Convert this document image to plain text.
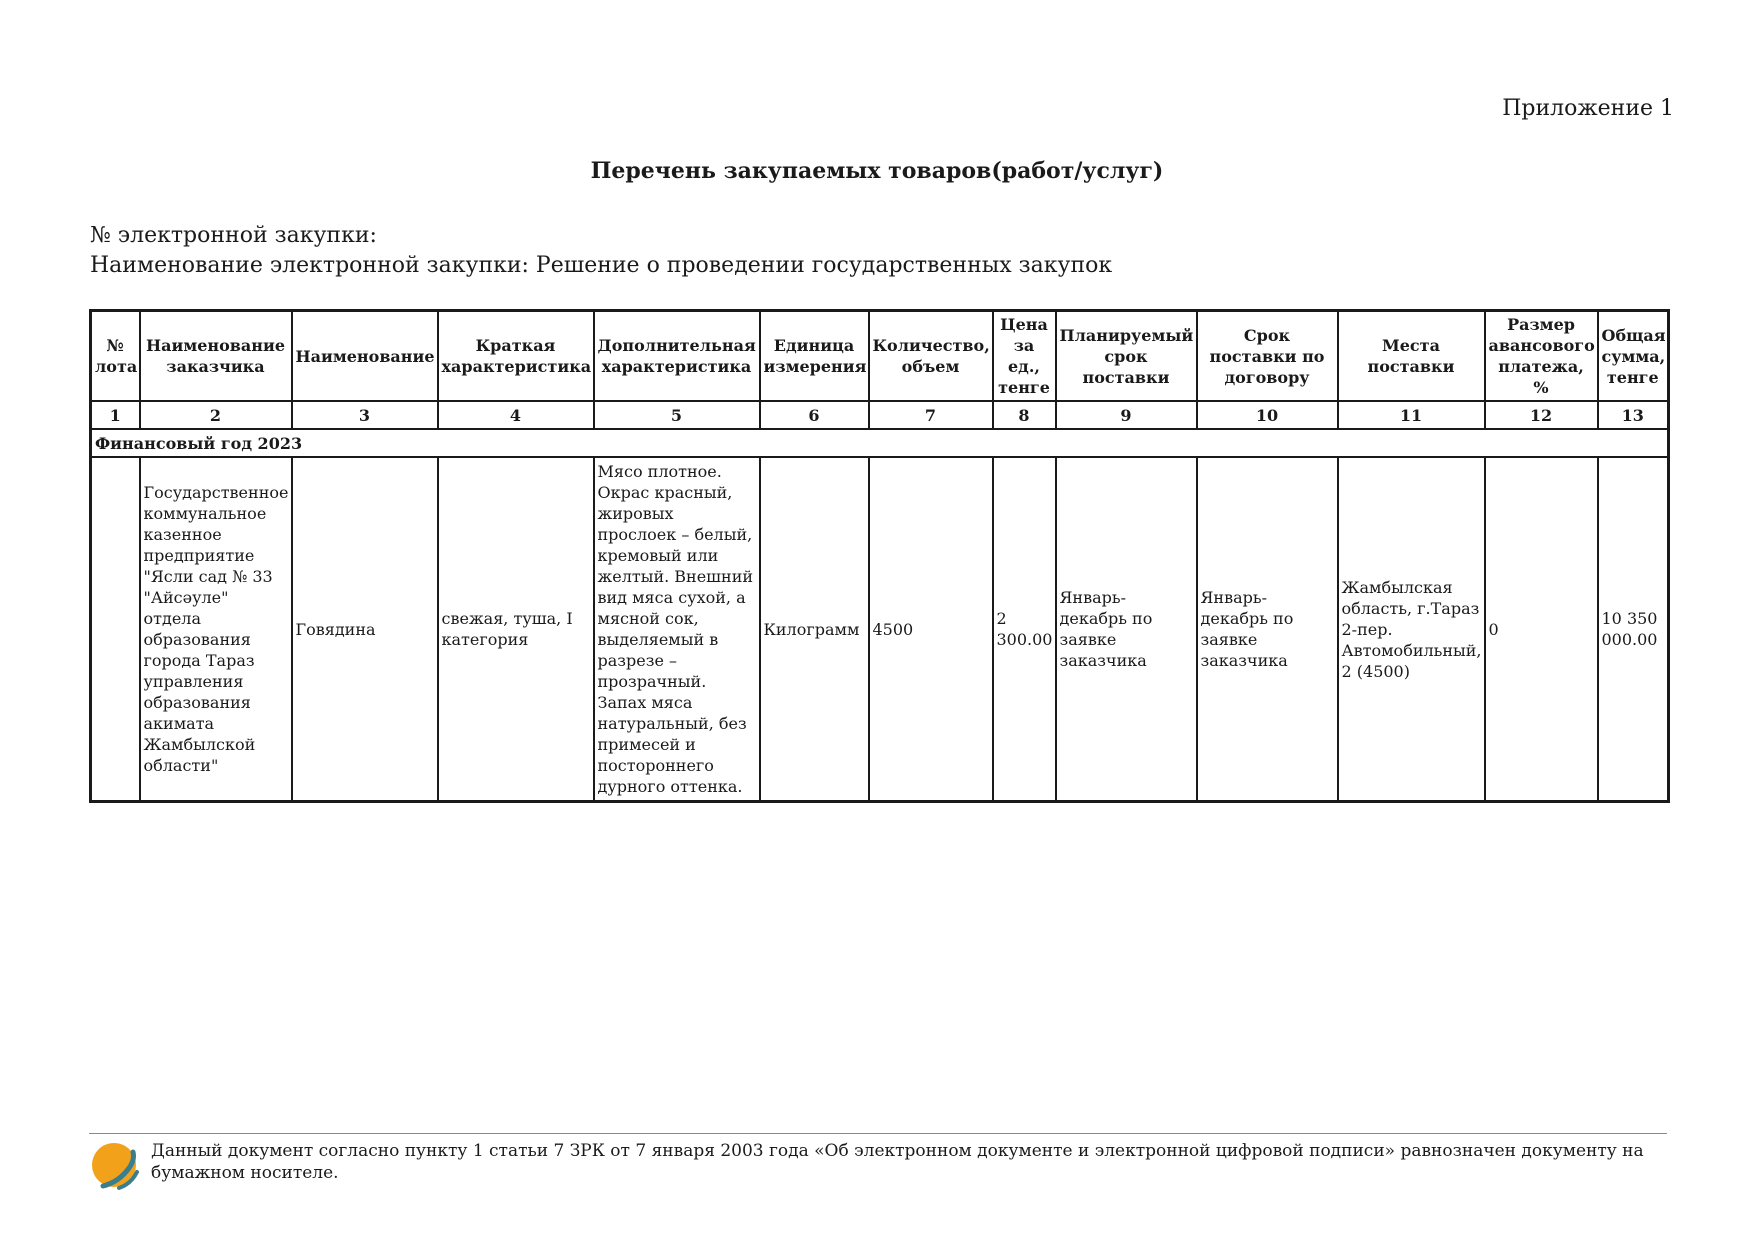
Приложение 1
Перечень закупаемых товаров(работ/услуг)
№ электронной закупки:
Наименование электронной закупки: Решение о проведении государственных закупок
№ лота	Наименование заказчика	Наименование	Краткая характеристика	Дополнительная характеристика	Единица измерения	Количество, объем	Цена за ед., тенге	Планируемый срок поставки	Срок поставки по договору	Места поставки	Размер авансового платежа, %	Общая сумма, тенге
1	2	3	4	5	6	7	8	9	10	11	12	13
Финансовый год 2023												
	Государственное коммунальное казенное предприятие "Ясли сад № 33 "Айсәуле" отдела образования города Тараз управления образования акимата Жамбылской области"	Говядина	свежая, туша, I категория	Мясо плотное. Окрас красный, жировых прослоек – белый, кремовый или желтый. Внешний вид мяса сухой, а мясной сок, выделяемый в разрезе – прозрачный. Запах мяса натуральный, без примесей и постороннего дурного оттенка.	Килограмм	4500	2 300.00	Январь-декабрь по заявке заказчика	Январь-декабрь по заявке заказчика	Жамбылская область, г.Тараз 2-пер. Автомобильный, 2 (4500)	0	10 350 000.00
Данный документ согласно пункту 1 статьи 7 ЗРК от 7 января 2003 года «Об электронном документе и электронной цифровой подписи» равнозначен документу на бумажном носителе.
